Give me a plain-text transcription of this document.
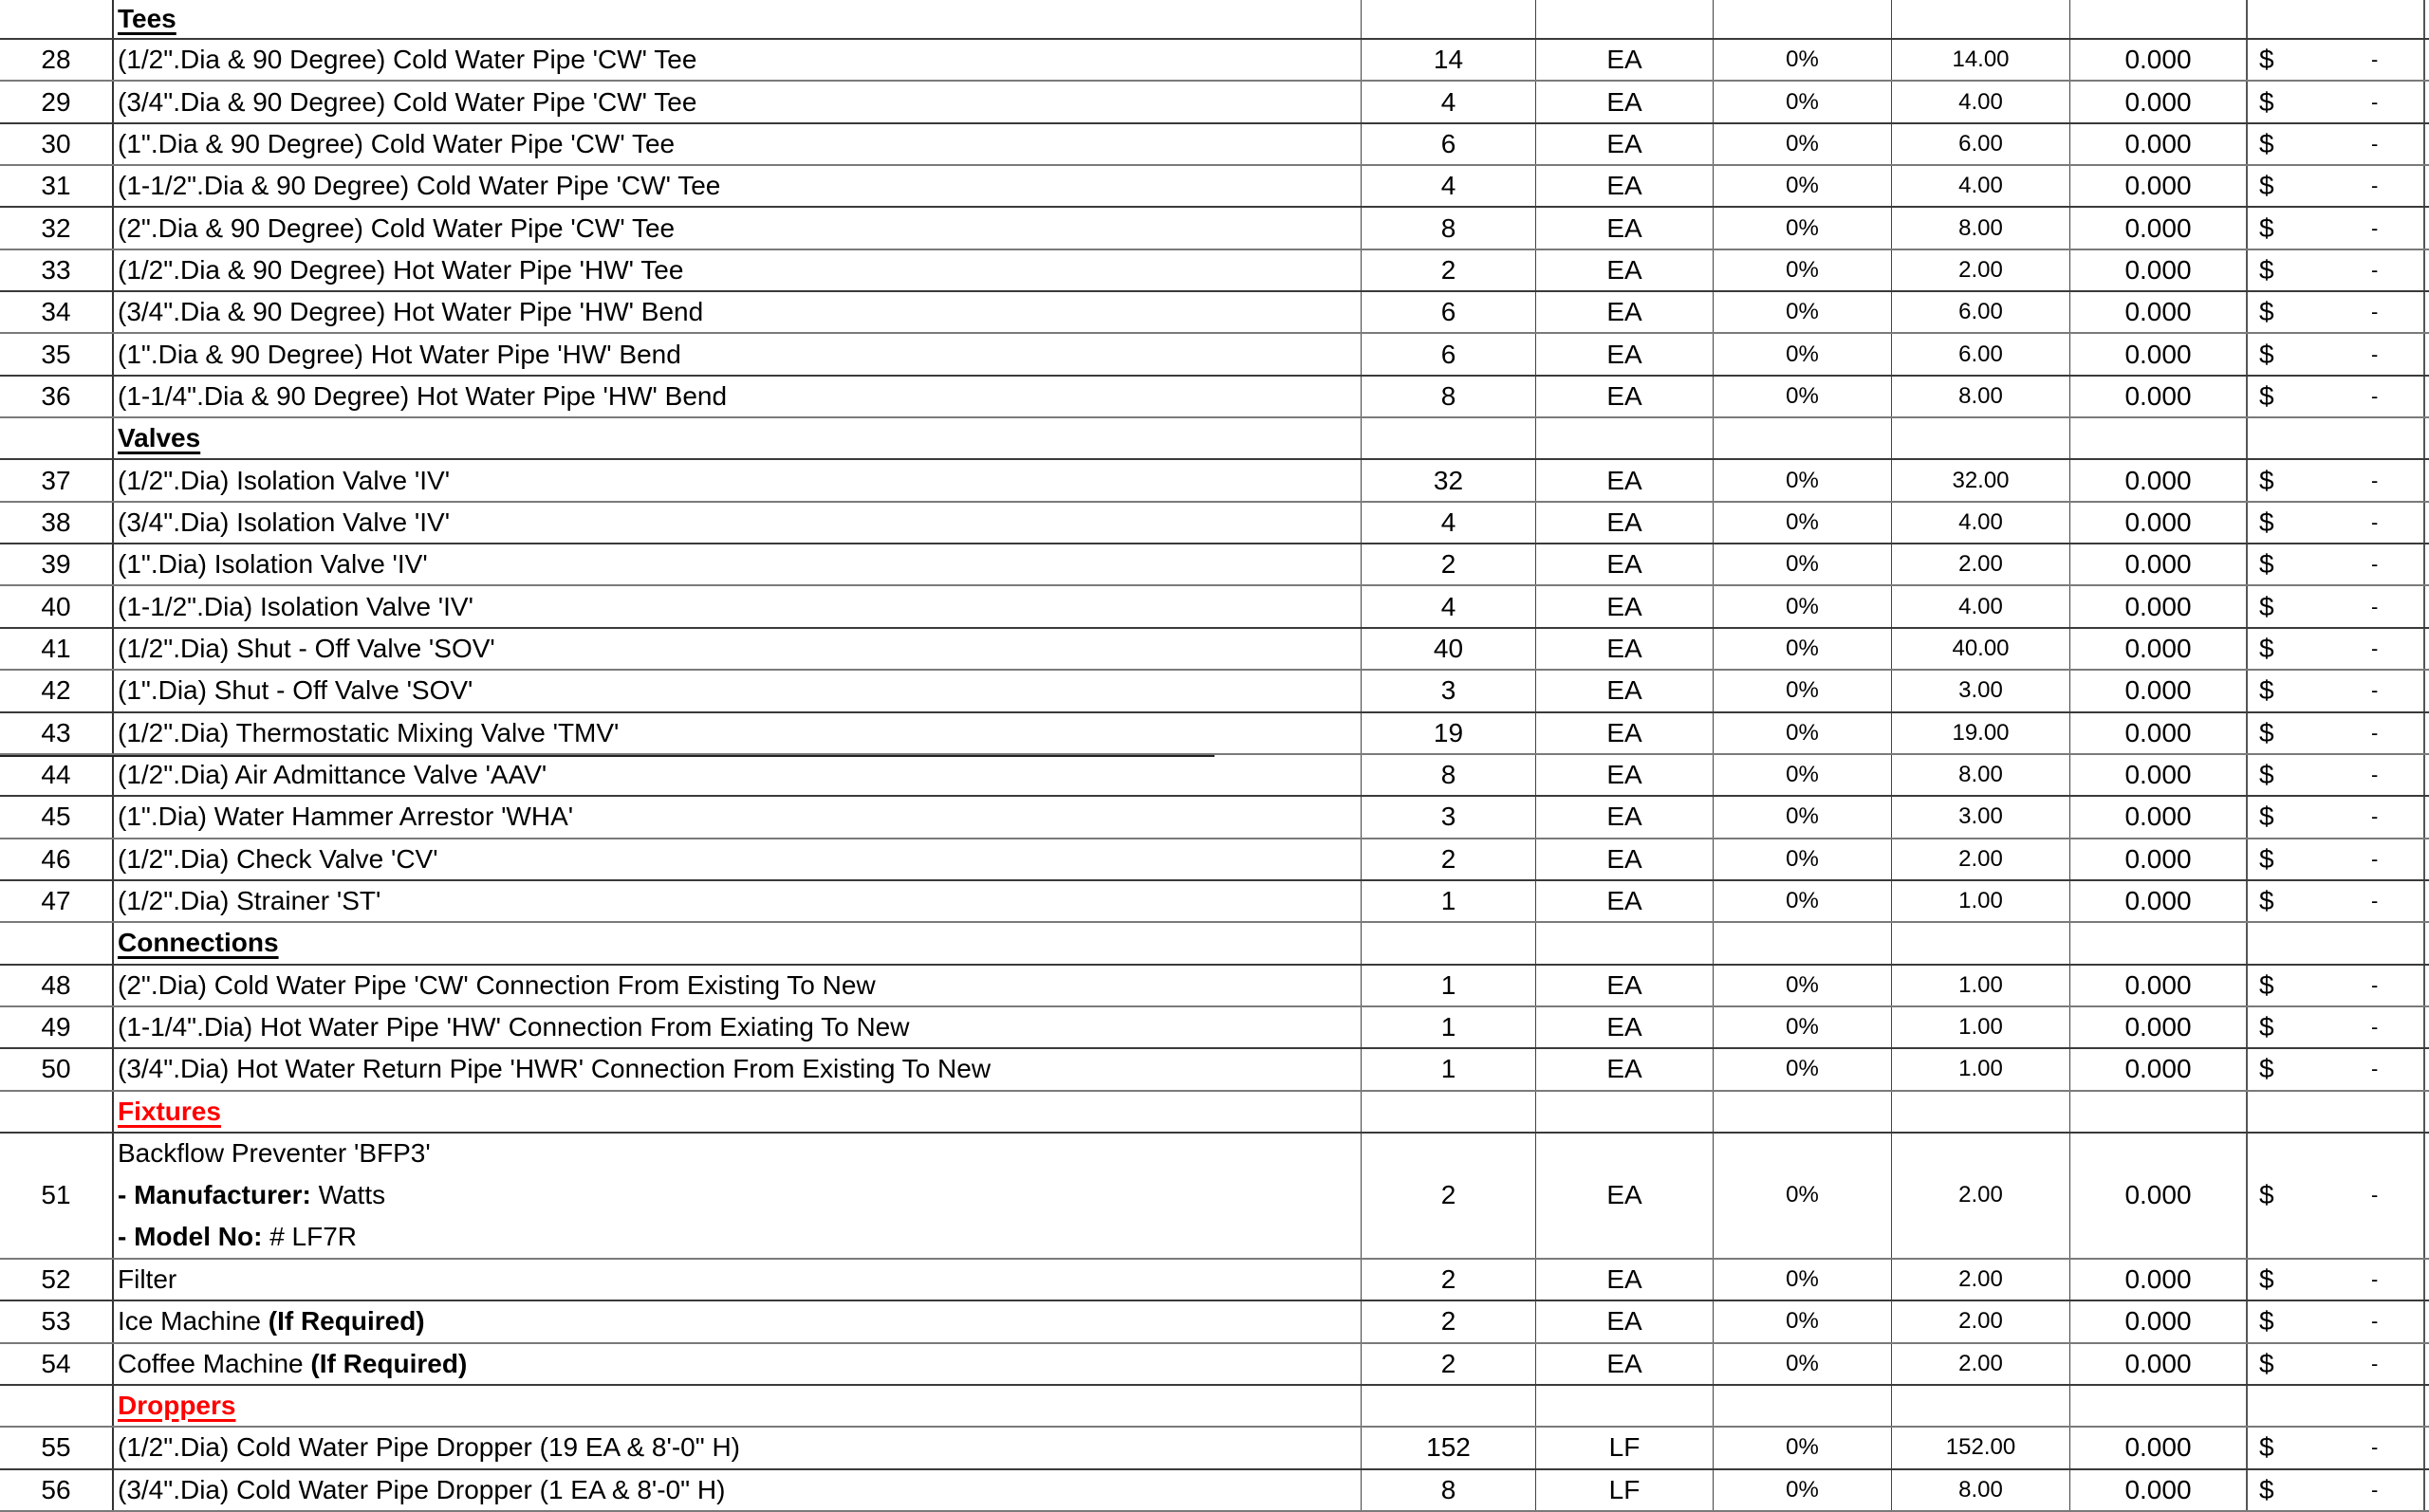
Tees
28 (1/2".Dia & 90 Degree) Cold Water Pipe 'CW' Tee	14	EA	0%	14.00	0.000	$	-
29 (3/4".Dia & 90 Degree) Cold Water Pipe 'CW' Tee	4	EA	0%	4.00	0.000	$	-
30 (1".Dia & 90 Degree) Cold Water Pipe 'CW' Tee	6	EA	0%	6.00	0.000	$	-
31 (1-1/2".Dia & 90 Degree) Cold Water Pipe 'CW' Tee	4	EA	0%	4.00	0.000	$	-
32 (2".Dia & 90 Degree) Cold Water Pipe 'CW' Tee	8	EA	0%	8.00	0.000	$	-
33 (1/2".Dia & 90 Degree) Hot Water Pipe 'HW' Tee	2	EA	0%	2.00	0.000	$	-
34 (3/4".Dia & 90 Degree) Hot Water Pipe 'HW' Bend	6	EA	0%	6.00	0.000	$	-
35 (1".Dia & 90 Degree) Hot Water Pipe 'HW' Bend	6	EA	0%	6.00	0.000	$	-
36 (1-1/4".Dia & 90 Degree) Hot Water Pipe 'HW' Bend	8	EA	0%	8.00	0.000	$	-
Valves
37 (1/2".Dia) Isolation Valve 'IV'	32	EA	0%	32.00	0.000	$	-
38 (3/4".Dia) Isolation Valve 'IV'	4	EA	0%	4.00	0.000	$	-
39 (1".Dia) Isolation Valve 'IV'	2	EA	0%	2.00	0.000	$	-
40 (1-1/2".Dia) Isolation Valve 'IV'	4	EA	0%	4.00	0.000	$	-
41 (1/2".Dia) Shut - Off Valve 'SOV'	40	EA	0%	40.00	0.000	$	-
42 (1".Dia) Shut - Off Valve 'SOV'	3	EA	0%	3.00	0.000	$	-
43 (1/2".Dia) Thermostatic Mixing Valve 'TMV'	19	EA	0%	19.00	0.000	$	-
44 (1/2".Dia) Air Admittance Valve 'AAV'	8	EA	0%	8.00	0.000	$	-
45 (1".Dia) Water Hammer Arrestor 'WHA'	3	EA	0%	3.00	0.000	$	-
46 (1/2".Dia) Check Valve 'CV'	2	EA	0%	2.00	0.000	$	-
47 (1/2".Dia) Strainer 'ST'	1	EA	0%	1.00	0.000	$	-
Connections
48 (2".Dia) Cold Water Pipe 'CW' Connection From Existing To New	1	EA	0%	1.00	0.000	$	-
49 (1-1/4".Dia) Hot Water Pipe 'HW' Connection From Exiating To New	1	EA	0%	1.00	0.000	$	-
50 (3/4".Dia) Hot Water Return Pipe 'HWR' Connection From Existing To New	1	EA	0%	1.00	0.000	$	-
Fixtures
51
Backflow Preventer 'BFP3'
- Manufacturer: Watts
- Model No: # LF7R
2	EA	0%	2.00	0.000	$	-
52 Filter	2	EA	0%	2.00	0.000	$	-
53 Ice Machine (If Required)	2	EA	0%	2.00	0.000	$	-
54 Coffee Machine (If Required)	2	EA	0%	2.00	0.000	$	-
Droppers
55 (1/2".Dia) Cold Water Pipe Dropper (19 EA & 8'-0" H)	152	LF	0%	152.00	0.000	$	-
56 (3/4".Dia) Cold Water Pipe Dropper (1 EA & 8'-0" H)	8	LF	0%	8.00	0.000	$	-
